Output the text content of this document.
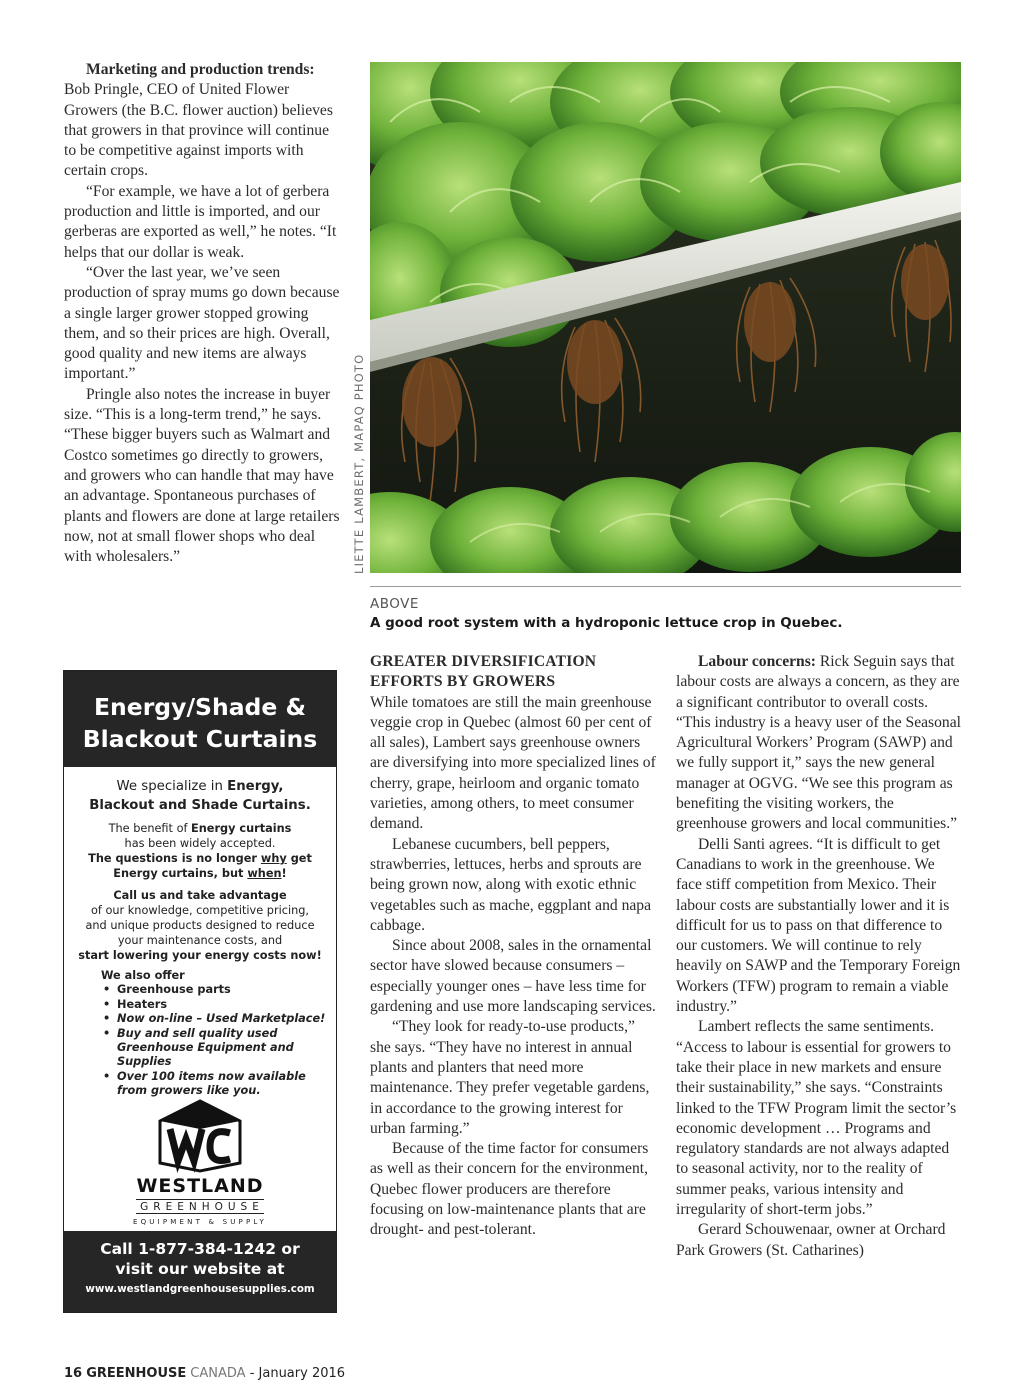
Marketing and production trends: Bob Pringle, CEO of United Flower Growers (the B.C. flower auction) believes that growers in that province will continue to be competitive against imports with certain crops.

“For example, we have a lot of gerbera production and little is imported, and our gerberas are exported as well,” he notes. “It helps that our dollar is weak.

“Over the last year, we’ve seen production of spray mums go down because a single larger grower stopped growing them, and so their prices are high. Overall, good quality and new items are always important.”

Pringle also notes the increase in buyer size. “This is a long-term trend,” he says. “These bigger buyers such as Walmart and Costco sometimes go directly to growers, and growers who can handle that may have an advantage. Spontaneous purchases of plants and flowers are done at large retailers now, not at small flower shops who deal with wholesalers.”	LIETTE LAMBERT, MAPAQ PHOTO
ABOVE
A good root system with a hydroponic lettuce crop in Quebec.

GREATER DIVERSIFICATION
EFFORTS BY GROWERS

While tomatoes are still the main greenhouse veggie crop in Quebec (almost 60 per cent of all sales), Lambert says greenhouse owners are diversifying into more specialized lines of cherry, grape, heirloom and organic tomato varieties, among others, to meet consumer demand.

Lebanese cucumbers, bell peppers, strawberries, lettuces, herbs and sprouts are being grown now, along with exotic ethnic vegetables such as mache, eggplant and napa cabbage.

Since about 2008, sales in the ornamental sector have slowed because consumers – especially younger ones – have less time for gardening and use more landscaping services.

“They look for ready-to-use products,” she says. “They have no interest in annual plants and planters that need more maintenance. They prefer vegetable gardens, in accordance to the growing interest for urban farming.”

Because of the time factor for consumers as well as their concern for the environment, Quebec flower producers are therefore focusing on low-maintenance plants that are drought- and pest-tolerant.

Labour concerns: Rick Seguin says that labour costs are always a concern, as they are a significant contributor to overall costs. “This industry is a heavy user of the Seasonal Agricultural Workers’ Program (SAWP) and we fully support it,” says the new general manager at OGVG. “We see this program as benefiting the visiting workers, the greenhouse growers and local communities.”

Delli Santi agrees. “It is difficult to get Canadians to work in the greenhouse. We face stiff competition from Mexico. Their labour costs are substantially lower and it is difficult for us to pass on that difference to our customers. We will continue to rely heavily on SAWP and the Temporary Foreign Workers (TFW) program to remain a viable industry.”

Lambert reflects the same sentiments. “Access to labour is essential for growers to take their place in new markets and ensure their sustainability,” she says. “Constraints linked to the TFW Program limit the sector’s economic development … Programs and regulatory standards are not always adapted to seasonal activity, nor to the reality of summer peaks, various intensity and irregularity of short-term jobs.”

Gerard Schouwenaar, owner at Orchard Park Growers (St. Catharines)

Energy/Shade &
Blackout Curtains
We specialize in Energy,
Blackout and Shade Curtains.
The benefit of Energy curtains
has been widely accepted.
The questions is no longer why get
Energy curtains, but when!
Call us and take advantage
of our knowledge, competitive pricing,
and unique products designed to reduce
your maintenance costs, and
start lowering your energy costs now!
We also offer
• Greenhouse parts
• Heaters
• Now on-line – Used Marketplace!
• Buy and sell quality used Greenhouse Equipment and Supplies
• Over 100 items now available from growers like you.
WESTLAND
GREENHOUSE
EQUIPMENT & SUPPLY
Call 1-877-384-1242 or
visit our website at
www.westlandgreenhousesupplies.com
16 GREENHOUSE CANADA - January 2016
